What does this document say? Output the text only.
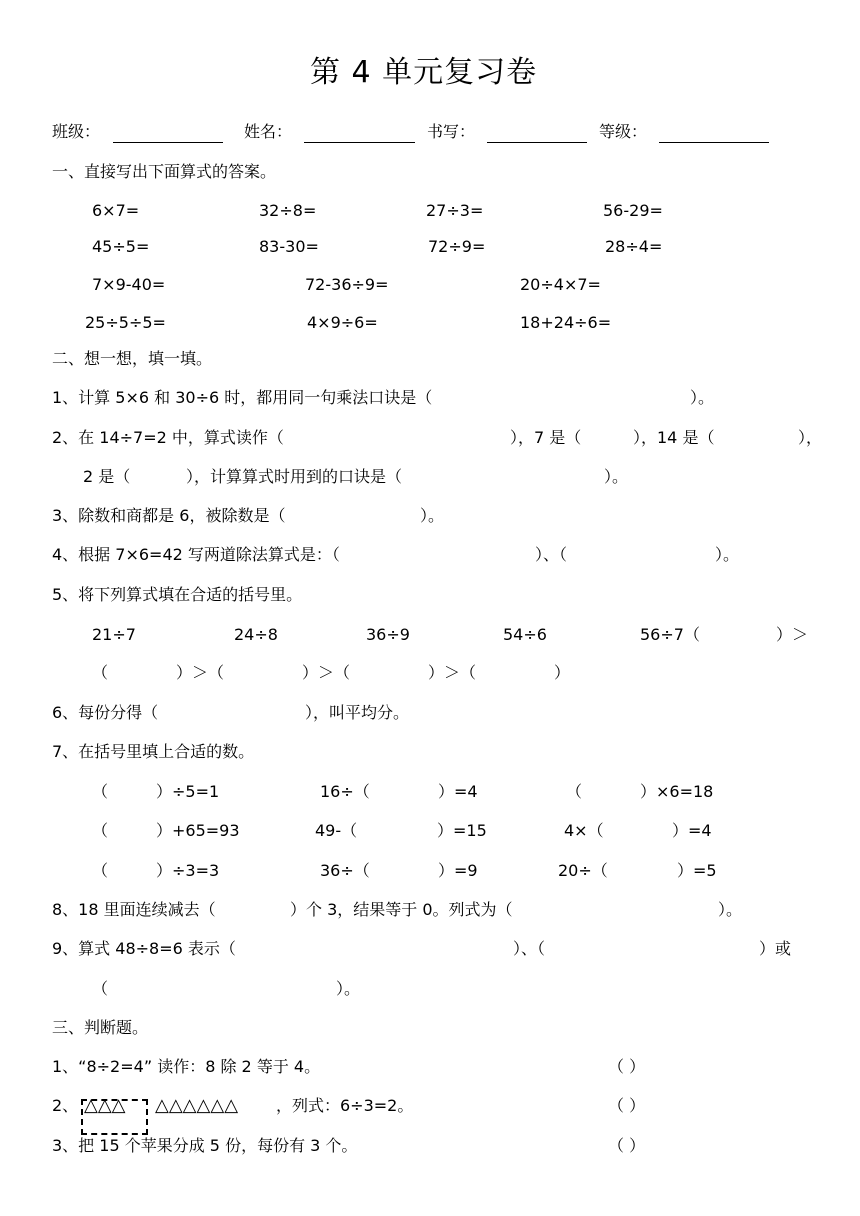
第 4 单元复习卷
班级：	姓名：	书写：	等级：
一、直接写出下面算式的答案。
6×7=	32÷8=	27÷3=	56-29=
45÷5=	83-30=	72÷9=	28÷4=
7×9-40=	72-36÷9=	20÷4×7=
25÷5÷5=	4×9÷6=	18+24÷6=
二、想一想，填一填。
1、计算 5×6 和 30÷6 时，都用同一句乘法口诀是（	）。
2、在 14÷7=2 中，算式读作（	），7 是（	），14 是（	），
2 是（	），计算算式时用到的口诀是（	）。
3、除数和商都是 6，被除数是（	）。
4、根据 7×6=42 写两道除法算式是：（	）、（	）。
5、将下列算式填在合适的括号里。
21÷7	24÷8	36÷9	54÷6	56÷7（	）＞
（	）＞（	）＞（	）＞（	）
6、每份分得（	），叫平均分。
7、在括号里填上合适的数。
（	）÷5=1	16÷（	）=4	（	）×6=18
（	）+65=93	49-（	）=15	4×（	）=4
（	）÷3=3	36÷（	）=9	20÷（	）=5
8、18 里面连续减去（	）个 3，结果等于 0。列式为（	）。
9、算式 48÷8=6 表示（	）、（	）或
（	）。
三、判断题。
1、“8÷2=4” 读作：8 除 2 等于 4。	（ ）
2、 △△△ △△△△△△ ，列式：6÷3=2。	（ ）
3、把 15 个苹果分成 5 份，每份有 3 个。	（ ）
